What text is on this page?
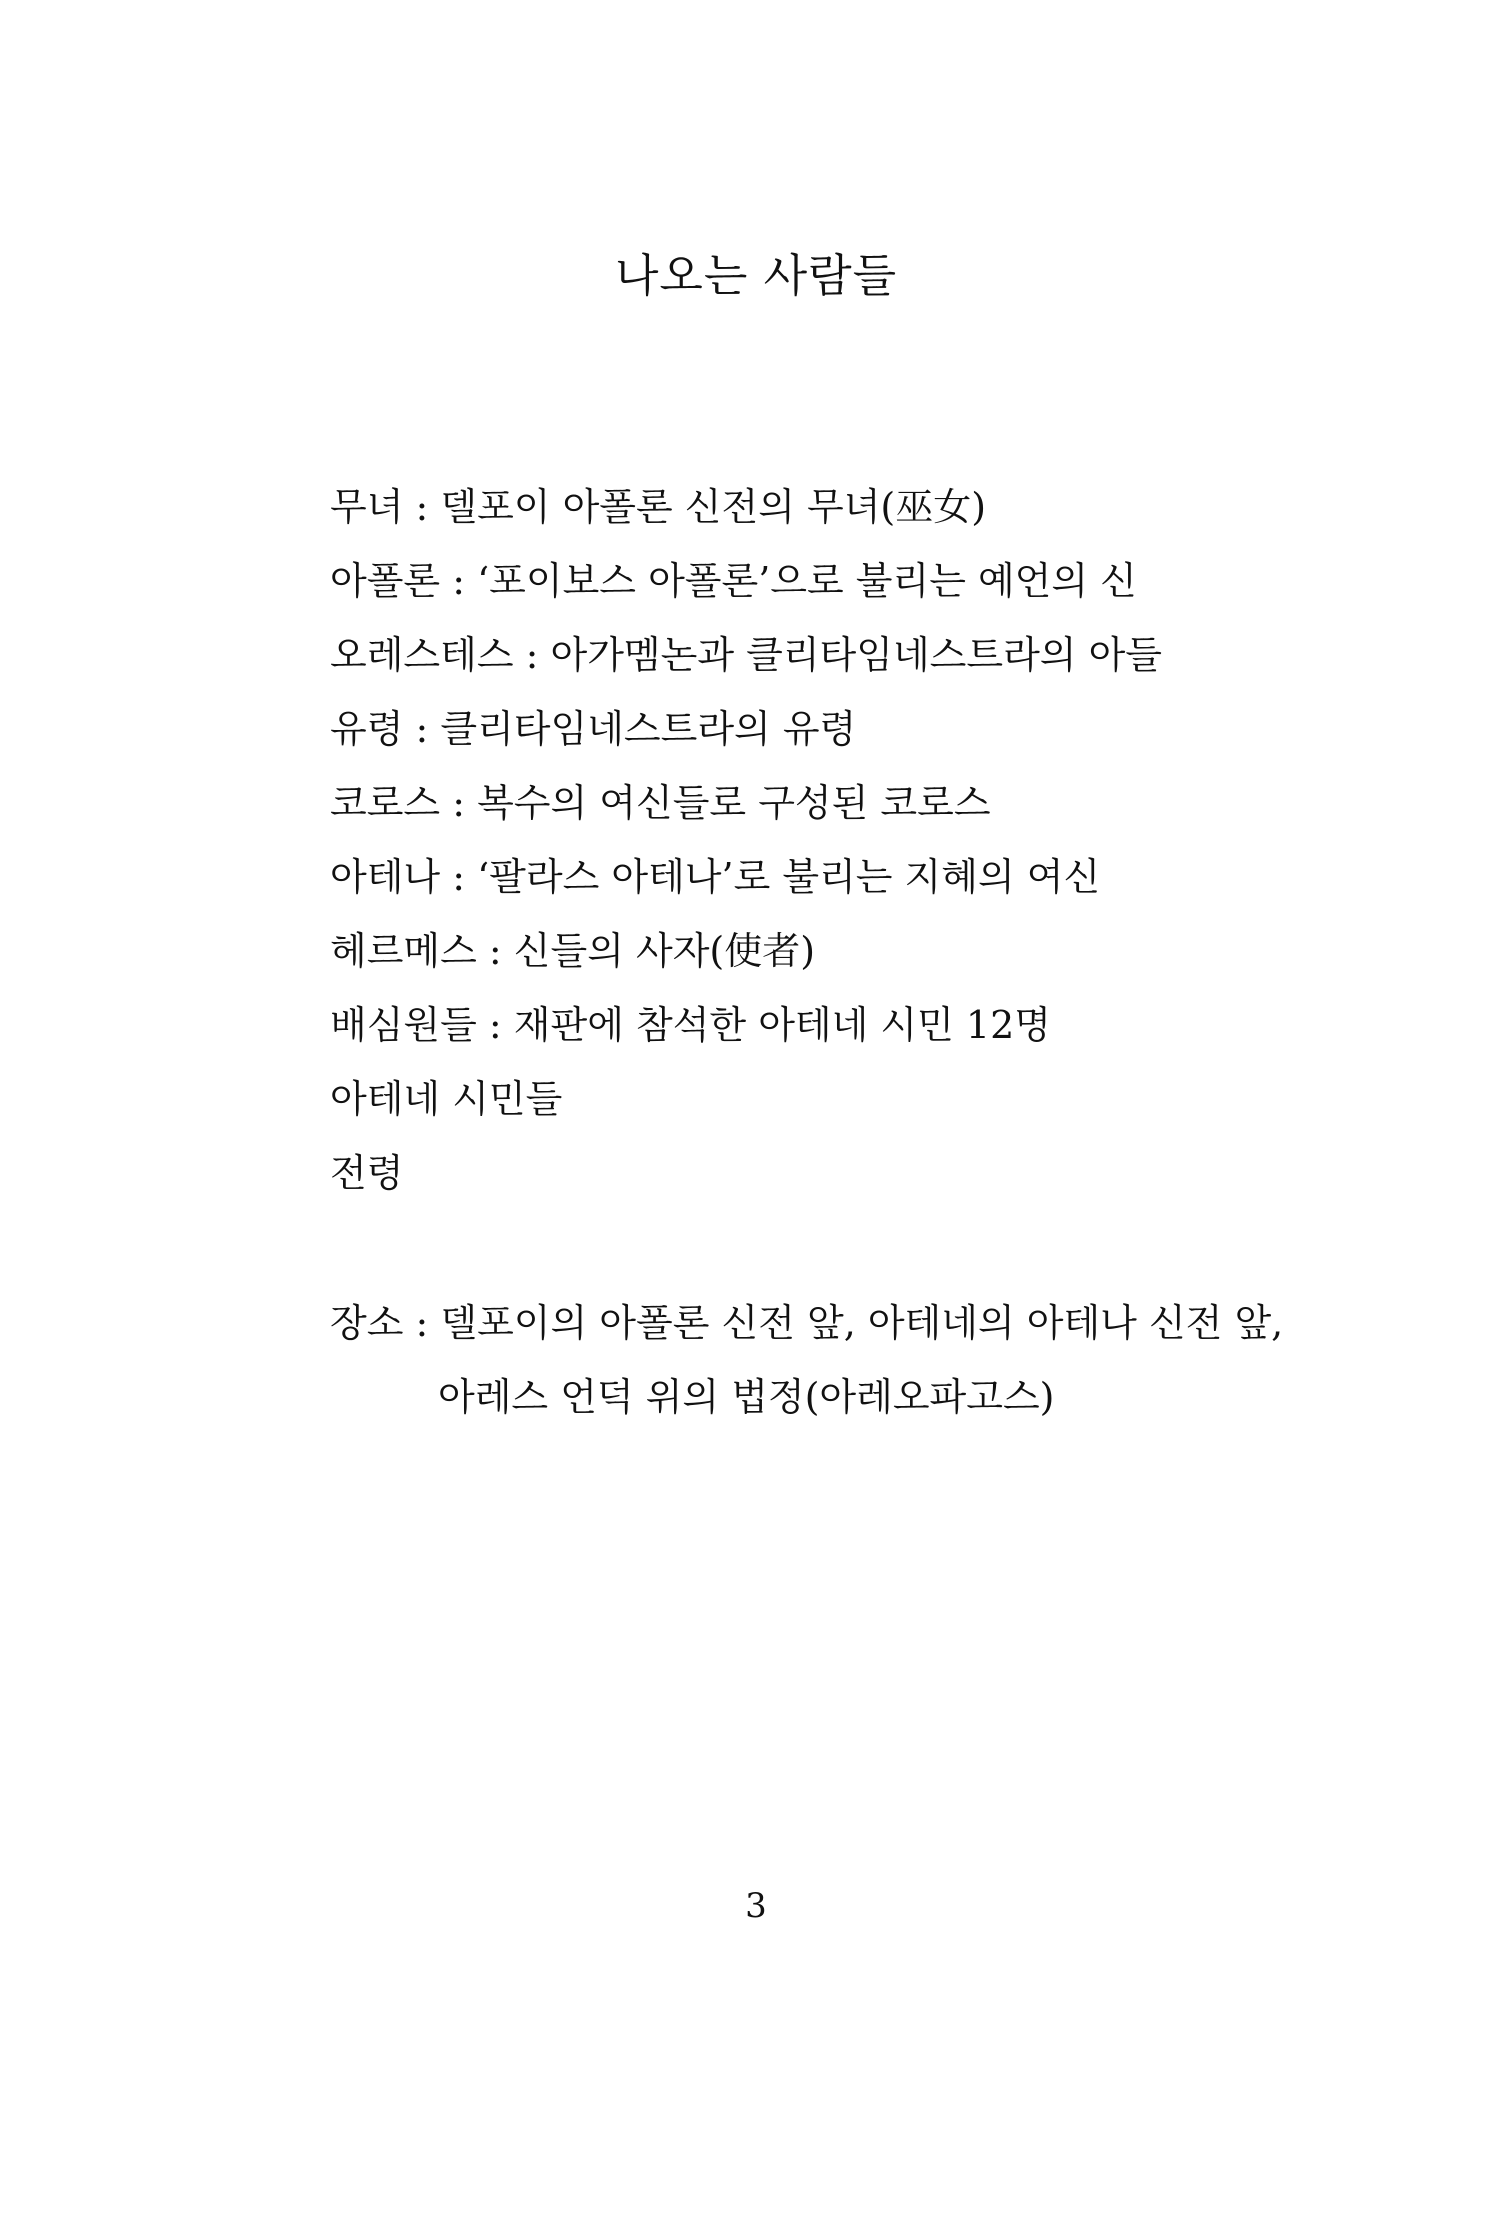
나오는 사람들
무녀 : 델포이 아폴론 신전의 무녀(巫女)
아폴론 : ‘포이보스 아폴론’으로 불리는 예언의 신
오레스테스 : 아가멤논과 클리타임네스트라의 아들
유령 : 클리타임네스트라의 유령
코로스 : 복수의 여신들로 구성된 코로스
아테나 : ‘팔라스 아테나’로 불리는 지혜의 여신
헤르메스 : 신들의 사자(使者)
배심원들 : 재판에 참석한 아테네 시민 12명
아테네 시민들
전령
장소 : 델포이의 아폴론 신전 앞, 아테네의 아테나 신전 앞,
아레스 언덕 위의 법정(아레오파고스)
3
